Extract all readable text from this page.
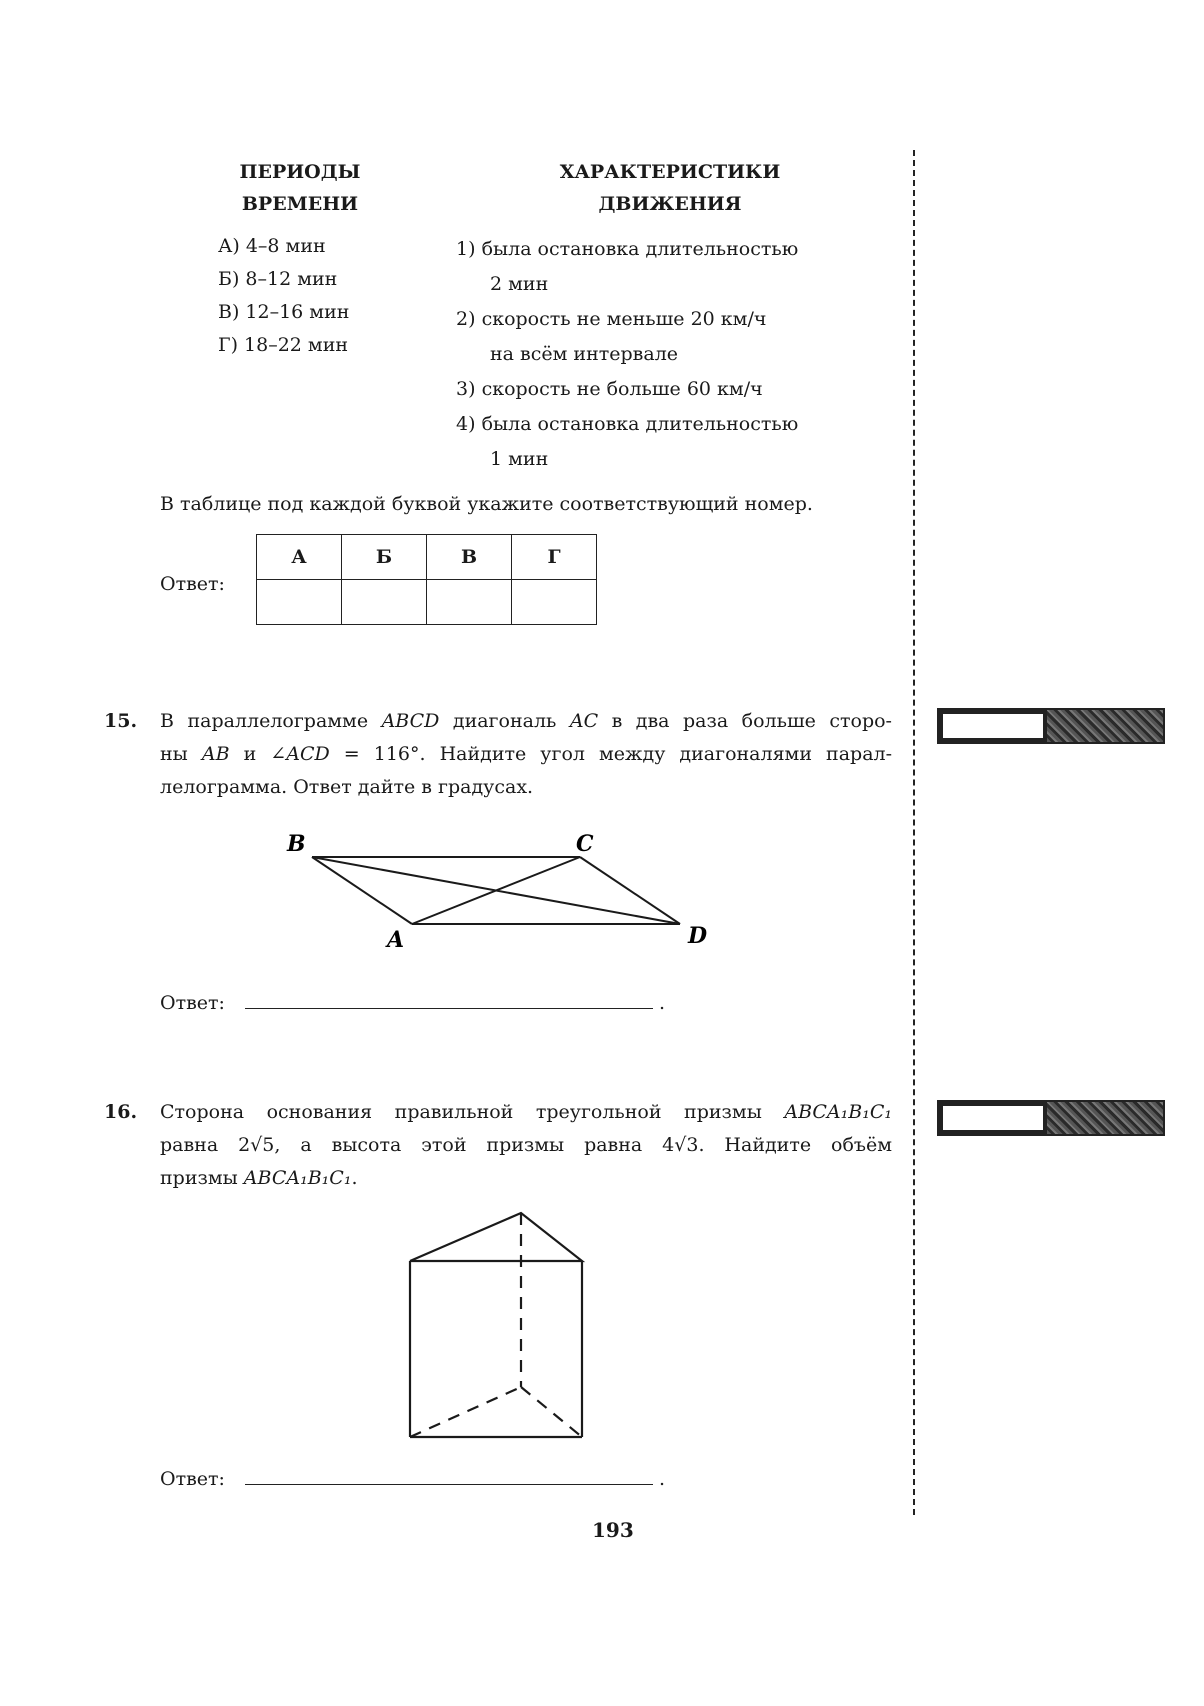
ПЕРИОДЫ
ВРЕМЕНИ
ХАРАКТЕРИСТИКИ
ДВИЖЕНИЯ
А) 4–8 мин
Б) 8–12 мин
В) 12–16 мин
Г) 18–22 мин
1) была остановка длительностью
2 мин
2) скорость не меньше 20 км/ч
на всём интервале
3) скорость не больше 60 км/ч
4) была остановка длительностью
1 мин
В таблице под каждой буквой укажите соответствующий номер.
Ответ:
А	Б	В	Г

15. В параллелограмме ABCD диагональ AC в два раза больше сторо-
ны AB и ∠ACD = 116°. Найдите угол между диагоналями парал-
лелограмма. Ответ дайте в градусах.
B	C
A	D
Ответ:	.
16. Сторона основания правильной треугольной призмы ABCA₁B₁C₁
равна 2√5, а высота этой призмы равна 4√3. Найдите объём
призмы ABCA₁B₁C₁.
Ответ:	.
193
